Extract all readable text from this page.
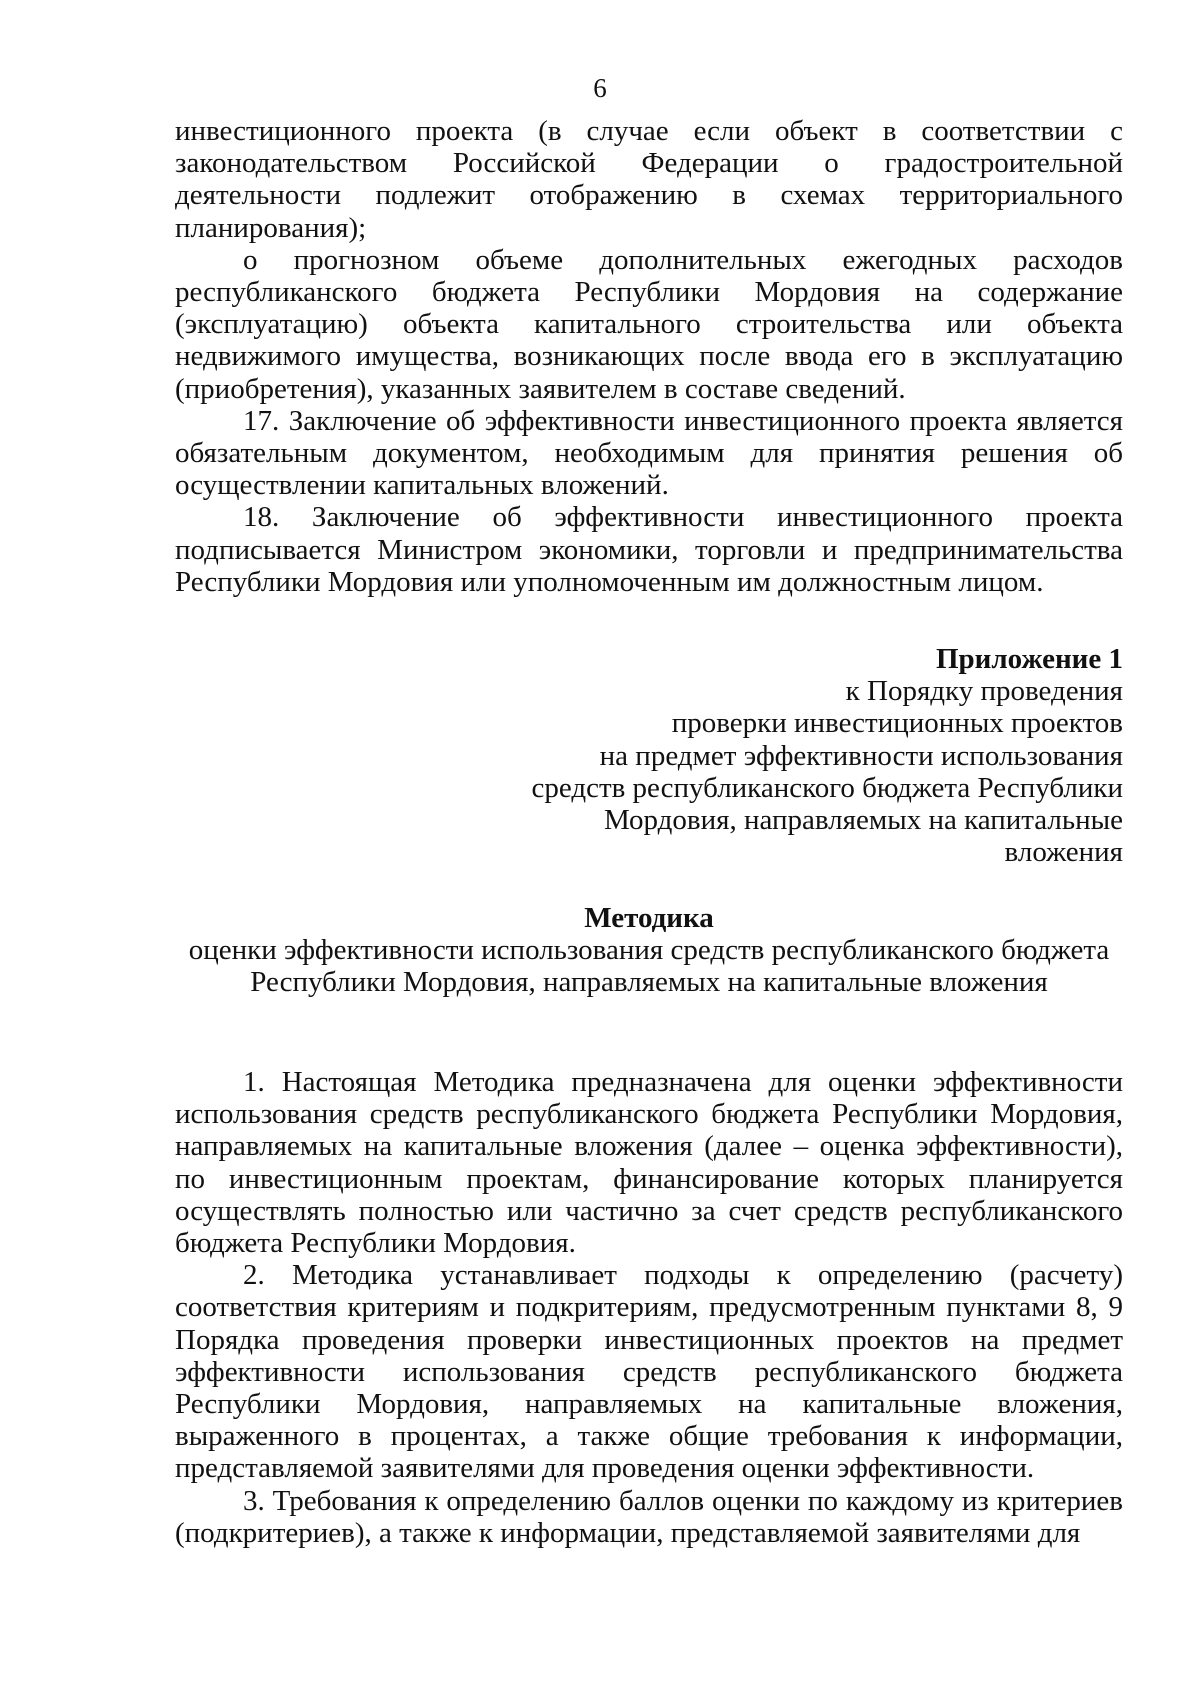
6

инвестиционного проекта (в случае если объект в соответствии с законодательством Российской Федерации о градостроительной деятельности подлежит отображению в схемах территориального планирования);

о прогнозном объеме дополнительных ежегодных расходов республиканского бюджета Республики Мордовия на содержание (эксплуатацию) объекта капитального строительства или объекта недвижимого имущества, возникающих после ввода его в эксплуатацию (приобретения), указанных заявителем в составе сведений.

17. Заключение об эффективности инвестиционного проекта является обязательным документом, необходимым для принятия решения об осуществлении капитальных вложений.

18. Заключение об эффективности инвестиционного проекта подписывается Министром экономики, торговли и предпринимательства Республики Мордовия или уполномоченным им должностным лицом.

Приложение 1
к Порядку проведения
проверки инвестиционных проектов
на предмет эффективности использования
средств республиканского бюджета Республики
Мордовия, направляемых на капитальные
вложения
Методика
оценки эффективности использования средств республиканского бюджета
Республики Мордовия, направляемых на капитальные вложения

1. Настоящая Методика предназначена для оценки эффективности использования средств республиканского бюджета Республики Мордовия, направляемых на капитальные вложения (далее – оценка эффективности), по инвестиционным проектам, финансирование которых планируется осуществлять полностью или частично за счет средств республиканского бюджета Республики Мордовия.

2. Методика устанавливает подходы к определению (расчету) соответствия критериям и подкритериям, предусмотренным пунктами 8, 9 Порядка проведения проверки инвестиционных проектов на предмет эффективности использования средств республиканского бюджета Республики Мордовия, направляемых на капитальные вложения, выраженного в процентах, а также общие требования к информации, представляемой заявителями для проведения оценки эффективности.

3. Требования к определению баллов оценки по каждому из критериев (подкритериев), а также к информации, представляемой заявителями для
